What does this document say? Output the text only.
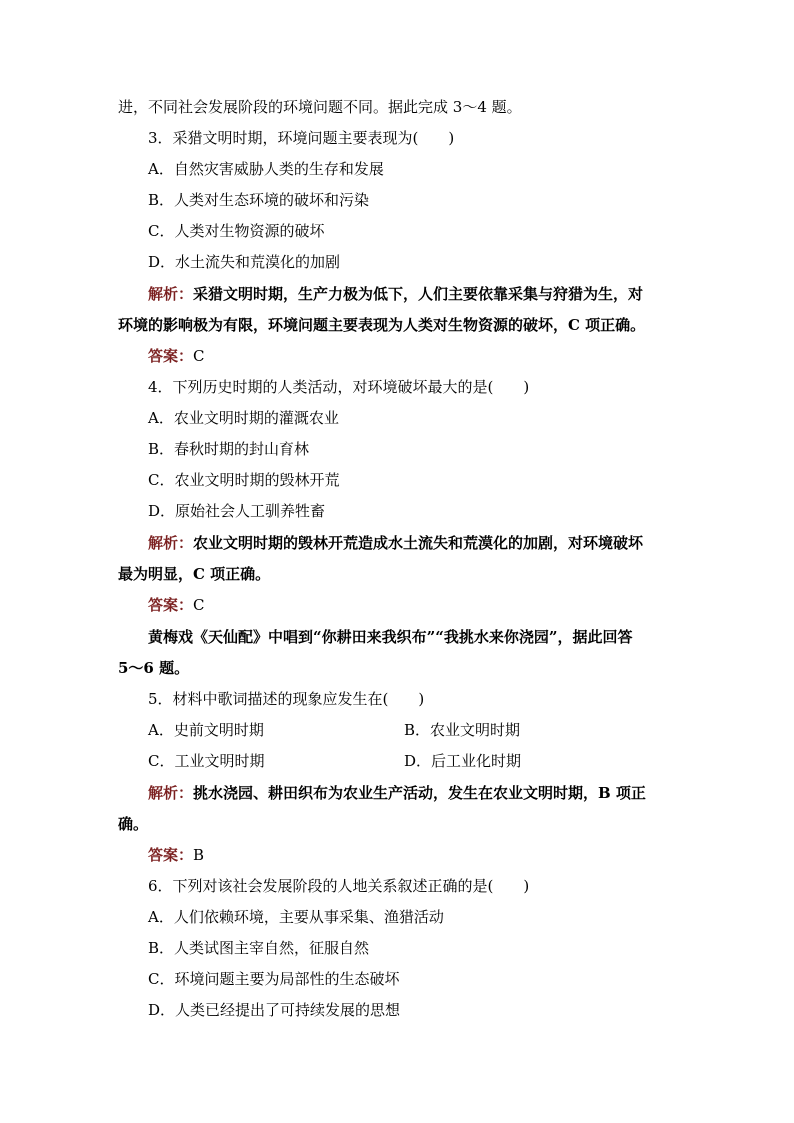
进，不同社会发展阶段的环境问题不同。据此完成 3～4 题。
3．采猎文明时期，环境问题主要表现为(　　)
A．自然灾害威胁人类的生存和发展
B．人类对生态环境的破坏和污染
C．人类对生物资源的破坏
D．水土流失和荒漠化的加剧
解析：采猎文明时期，生产力极为低下，人们主要依靠采集与狩猎为生，对
环境的影响极为有限，环境问题主要表现为人类对生物资源的破坏，C 项正确。
答案：C
4．下列历史时期的人类活动，对环境破坏最大的是(　　)
A．农业文明时期的灌溉农业
B．春秋时期的封山育林
C．农业文明时期的毁林开荒
D．原始社会人工驯养牲畜
解析：农业文明时期的毁林开荒造成水土流失和荒漠化的加剧，对环境破坏
最为明显，C 项正确。
答案：C
黄梅戏《天仙配》中唱到“你耕田来我织布”“我挑水来你浇园”，据此回答
5～6 题。
5．材料中歌词描述的现象应发生在(　　)
A．史前文明时期	B．农业文明时期
C．工业文明时期	D．后工业化时期
解析：挑水浇园、耕田织布为农业生产活动，发生在农业文明时期，B 项正
确。
答案：B
6．下列对该社会发展阶段的人地关系叙述正确的是(　　)
A．人们依赖环境，主要从事采集、渔猎活动
B．人类试图主宰自然，征服自然
C．环境问题主要为局部性的生态破坏
D．人类已经提出了可持续发展的思想
